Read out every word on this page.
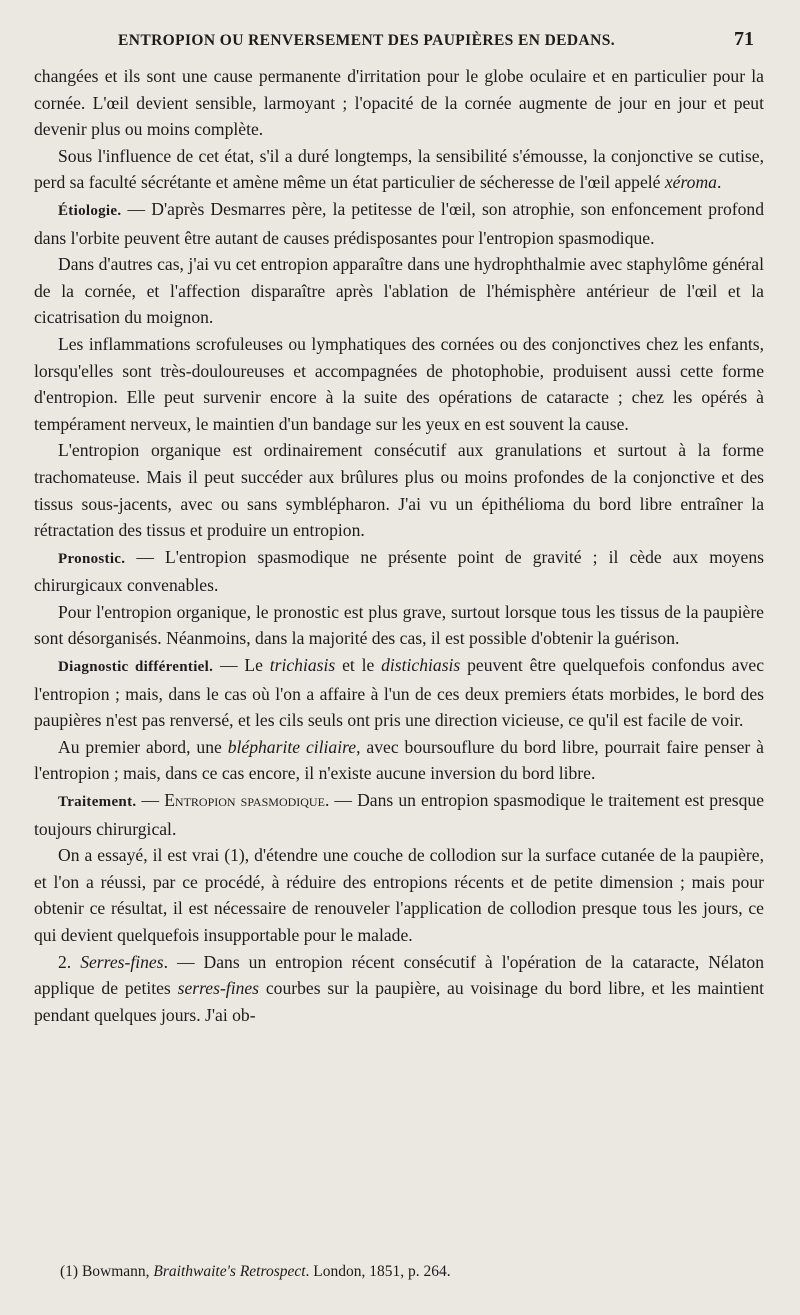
ENTROPION OU RENVERSEMENT DES PAUPIÈRES EN DEDANS.	71

changées et ils sont une cause permanente d'irritation pour le globe oculaire et en particulier pour la cornée. L'œil devient sensible, larmoyant ; l'opacité de la cornée augmente de jour en jour et peut devenir plus ou moins complète.

Sous l'influence de cet état, s'il a duré longtemps, la sensibilité s'émousse, la conjonctive se cutise, perd sa faculté sécrétante et amène même un état particulier de sécheresse de l'œil appelé xéroma.

Étiologie. — D'après Desmarres père, la petitesse de l'œil, son atrophie, son enfoncement profond dans l'orbite peuvent être autant de causes prédisposantes pour l'entropion spasmodique.

Dans d'autres cas, j'ai vu cet entropion apparaître dans une hydrophthalmie avec staphylôme général de la cornée, et l'affection disparaître après l'ablation de l'hémisphère antérieur de l'œil et la cicatrisation du moignon.

Les inflammations scrofuleuses ou lymphatiques des cornées ou des conjonctives chez les enfants, lorsqu'elles sont très-douloureuses et accompagnées de photophobie, produisent aussi cette forme d'entropion. Elle peut survenir encore à la suite des opérations de cataracte ; chez les opérés à tempérament nerveux, le maintien d'un bandage sur les yeux en est souvent la cause.

L'entropion organique est ordinairement consécutif aux granulations et surtout à la forme trachomateuse. Mais il peut succéder aux brûlures plus ou moins profondes de la conjonctive et des tissus sous-jacents, avec ou sans symblépharon. J'ai vu un épithélioma du bord libre entraîner la rétractation des tissus et produire un entropion.

Pronostic. — L'entropion spasmodique ne présente point de gravité ; il cède aux moyens chirurgicaux convenables.

Pour l'entropion organique, le pronostic est plus grave, surtout lorsque tous les tissus de la paupière sont désorganisés. Néanmoins, dans la majorité des cas, il est possible d'obtenir la guérison.

Diagnostic différentiel. — Le trichiasis et le distichiasis peuvent être quelquefois confondus avec l'entropion ; mais, dans le cas où l'on a affaire à l'un de ces deux premiers états morbides, le bord des paupières n'est pas renversé, et les cils seuls ont pris une direction vicieuse, ce qu'il est facile de voir.

Au premier abord, une blépharite ciliaire, avec boursouflure du bord libre, pourrait faire penser à l'entropion ; mais, dans ce cas encore, il n'existe aucune inversion du bord libre.

Traitement. — Entropion spasmodique. — Dans un entropion spasmodique le traitement est presque toujours chirurgical.

On a essayé, il est vrai (1), d'étendre une couche de collodion sur la surface cutanée de la paupière, et l'on a réussi, par ce procédé, à réduire des entropions récents et de petite dimension ; mais pour obtenir ce résultat, il est nécessaire de renouveler l'application de collodion presque tous les jours, ce qui devient quelquefois insupportable pour le malade.

2. Serres-fines. — Dans un entropion récent consécutif à l'opération de la cataracte, Nélaton applique de petites serres-fines courbes sur la paupière, au voisinage du bord libre, et les maintient pendant quelques jours. J'ai ob-

(1) Bowmann, Braithwaite's Retrospect. London, 1851, p. 264.
